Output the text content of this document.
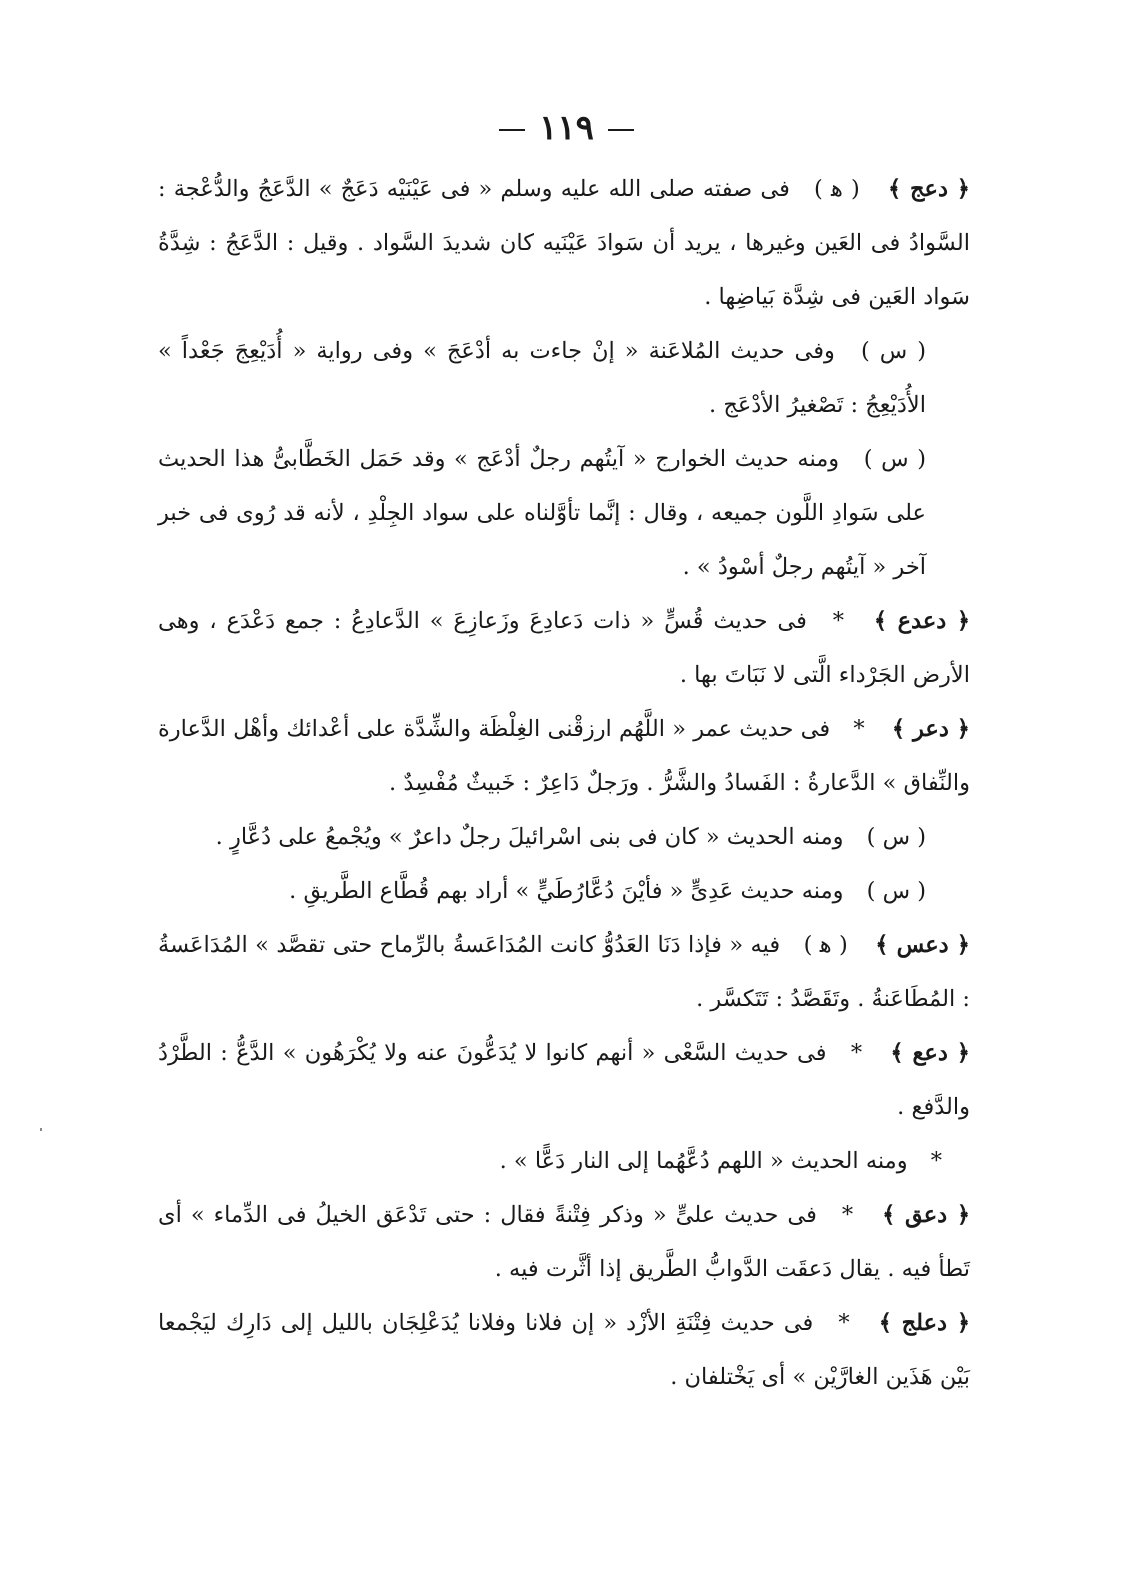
١١٩

﴿ دعج ﴾ ( ﻫ ) فى صفته صلى الله عليه وسلم « فى عَيْنَيْه دَعَجٌ » الدَّعَجُ والدُّعْجة : السَّوادُ فى العَين وغيرها ، يريد أن سَوادَ عَيْنَيه كان شديدَ السَّواد . وقيل : الدَّعَجُ : شِدَّةُ سَواد العَين فى شِدَّة بَياضِها .

( س ) وفى حديث المُلاعَنة « إنْ جاءت به أدْعَجَ » وفى رواية « أُدَيْعِجَ جَعْداً » الأُدَيْعِجُ : تَصْغيرُ الأدْعَج .

( س ) ومنه حديث الخوارج « آيتُهم رجلٌ أدْعَج » وقد حَمَل الخَطَّابىُّ هذا الحديث على سَوادِ اللَّون جميعه ، وقال : إنَّما تأوَّلناه على سواد الجِلْدِ ، لأنه قد رُوى فى خبر آخر « آيتُهم رجلٌ أسْودُ » .

﴿ دعدع ﴾ * فى حديث قُسٍّ « ذات دَعادِعَ وزَعازِعَ » الدَّعادِعُ : جمع دَعْدَع ، وهى الأرض الجَرْداء الَّتى لا نَبَاتَ بها .

﴿ دعر ﴾ * فى حديث عمر « اللَّهُم ارزقْنى الغِلْظَة والشِّدَّة على أعْدائك وأهْل الدَّعارة والنِّفاق » الدَّعارةُ : الفَسادُ والشَّرُّ . ورَجلٌ دَاعِرٌ : خَبيثٌ مُفْسِدٌ .

( س ) ومنه الحديث « كان فى بنى اسْرائيلَ رجلٌ داعرٌ » ويُجْمعُ على دُعَّارٍ .

( س ) ومنه حديث عَدِىٍّ « فأيْنَ دُعَّارُطَيٍّ » أراد بهم قُطَّاع الطَّريقِ .

﴿ دعس ﴾ ( ﻫ ) فيه « فإذا دَنَا العَدُوُّ كانت المُدَاعَسةُ بالرِّماح حتى تقصَّد » المُدَاعَسةُ : المُطَاعَنةُ . وتَقَصَّدُ : تَتَكسَّر .

﴿ دعع ﴾ * فى حديث السَّعْى « أنهم كانوا لا يُدَعُّونَ عنه ولا يُكْرَهُون » الدَّعُّ : الطَّرْدُ والدَّفع .

* ومنه الحديث « اللهم دُعَّهُما إلى النار دَعًّا » .

﴿ دعق ﴾ * فى حديث علىٍّ « وذكر فِتْنةً فقال : حتى تَدْعَق الخيلُ فى الدِّماء » أى تَطأ فيه . يقال دَعقَت الدَّوابُّ الطَّريق إذا أثَّرت فيه .

﴿ دعلج ﴾ * فى حديث فِتْنَةِ الأزْد « إن فلانا وفلانا يُدَعْلِجَان بالليل إلى دَارِك ليَجْمعا بَيْن هَذَين الغارَّيْن » أى يَخْتلفان .
